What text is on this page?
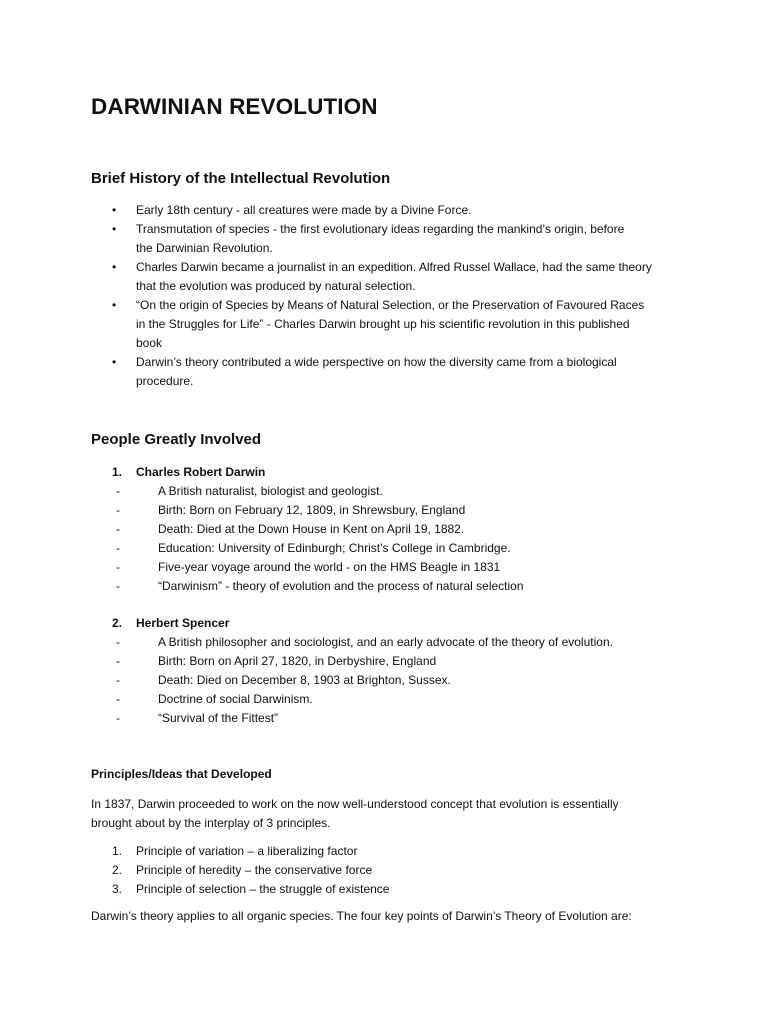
DARWINIAN REVOLUTION
Brief History of the Intellectual Revolution
• Early 18th century - all creatures were made by a Divine Force.
• Transmutation of species - the first evolutionary ideas regarding the mankind’s origin, before
the Darwinian Revolution.
• Charles Darwin became a journalist in an expedition. Alfred Russel Wallace, had the same theory
that the evolution was produced by natural selection.
• “On the origin of Species by Means of Natural Selection, or the Preservation of Favoured Races
in the Struggles for Life” - Charles Darwin brought up his scientific revolution in this published
book
• Darwin’s theory contributed a wide perspective on how the diversity came from a biological
procedure.
People Greatly Involved
1. Charles Robert Darwin
-	A British naturalist, biologist and geologist.
-	Birth: Born on February 12, 1809, in Shrewsbury, England
-	Death: Died at the Down House in Kent on April 19, 1882.
-	Education: University of Edinburgh; Christ’s College in Cambridge.
-	Five-year voyage around the world - on the HMS Beagle in 1831
-	“Darwinism” - theory of evolution and the process of natural selection
2. Herbert Spencer
-	A British philosopher and sociologist, and an early advocate of the theory of evolution.
-	Birth: Born on April 27, 1820, in Derbyshire, England
-	Death: Died on December 8, 1903 at Brighton, Sussex.
-	Doctrine of social Darwinism.
-	“Survival of the Fittest”
Principles/Ideas that Developed

In 1837, Darwin proceeded to work on the now well-understood concept that evolution is essentially
brought about by the interplay of 3 principles.

1. Principle of variation – a liberalizing factor
2. Principle of heredity – the conservative force
3. Principle of selection – the struggle of existence

Darwin’s theory applies to all organic species. The four key points of Darwin’s Theory of Evolution are:
